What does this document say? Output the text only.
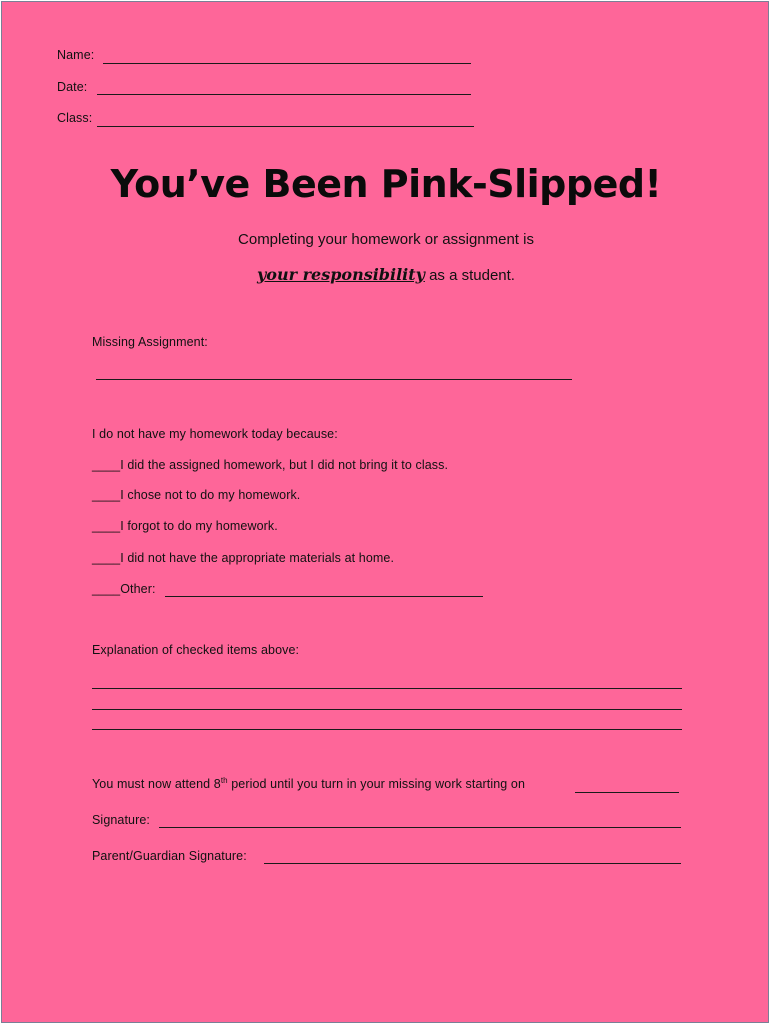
Name:
Date:
Class:
You’ve Been Pink-Slipped!
Completing your homework or assignment is
your responsibility as a student.
Missing Assignment:
I do not have my homework today because:
____I did the assigned homework, but I did not bring it to class.
____I chose not to do my homework.
____I forgot to do my homework.
____I did not have the appropriate materials at home.
____Other:
Explanation of checked items above:
You must now attend 8th period until you turn in your missing work starting on
Signature:
Parent/Guardian Signature:
